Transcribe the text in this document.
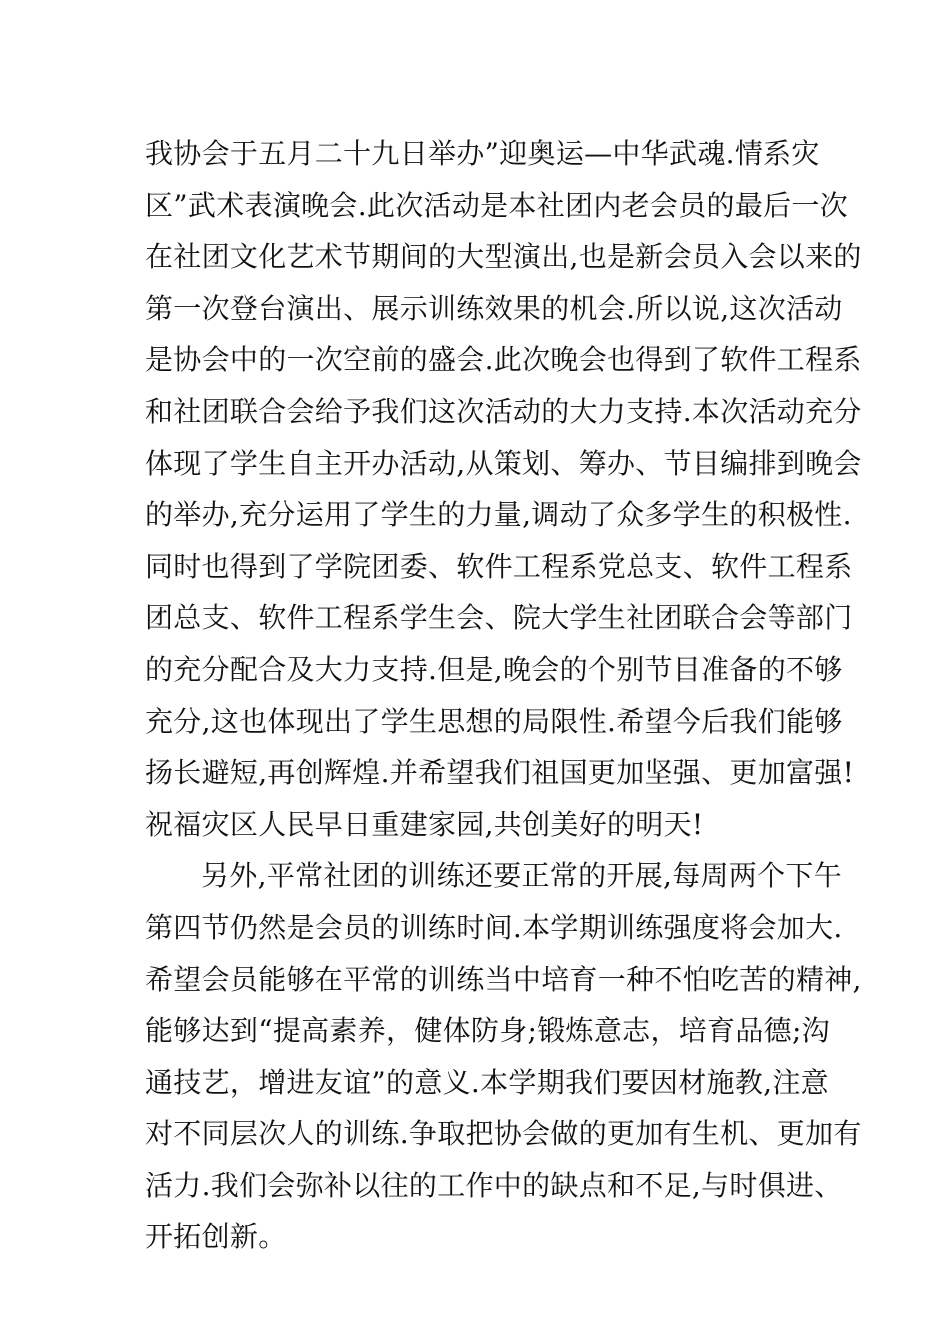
我协会于五月二十九日举办”迎奥运—中华武魂.情系灾
区”武术表演晚会.此次活动是本社团内老会员的最后一次
在社团文化艺术节期间的大型演出,也是新会员入会以来的
第一次登台演出、展示训练效果的机会.所以说,这次活动
是协会中的一次空前的盛会.此次晚会也得到了软件工程系
和社团联合会给予我们这次活动的大力支持.本次活动充分
体现了学生自主开办活动,从策划、筹办、节目编排到晚会
的举办,充分运用了学生的力量,调动了众多学生的积极性.
同时也得到了学院团委、软件工程系党总支、软件工程系
团总支、软件工程系学生会、院大学生社团联合会等部门
的充分配合及大力支持.但是,晚会的个别节目准备的不够
充分,这也体现出了学生思想的局限性.希望今后我们能够
扬长避短,再创辉煌.并希望我们祖国更加坚强、更加富强!
祝福灾区人民早日重建家园,共创美好的明天!
另外,平常社团的训练还要正常的开展,每周两个下午
第四节仍然是会员的训练时间.本学期训练强度将会加大.
希望会员能够在平常的训练当中培育一种不怕吃苦的精神,
能够达到“提高素养，健体防身;锻炼意志，培育品德;沟
通技艺，增进友谊”的意义.本学期我们要因材施教,注意
对不同层次人的训练.争取把协会做的更加有生机、更加有
活力.我们会弥补以往的工作中的缺点和不足,与时俱进、
开拓创新。
